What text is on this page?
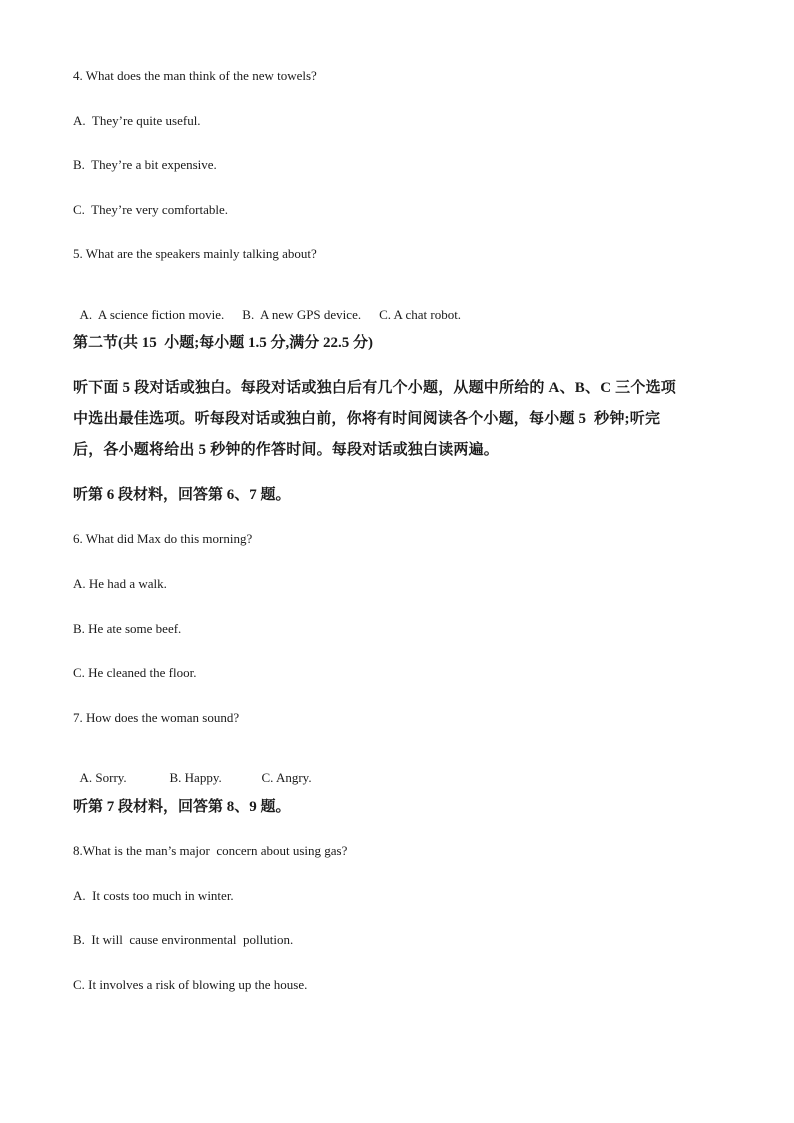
4. What does the man think of the new towels?
A.  They’re quite useful.
B.  They’re a bit expensive.
C.  They’re very comfortable.
5. What are the speakers mainly talking about?

A.  A science fiction movie. B.  A new GPS device. C. A chat robot.

第二节(共 15  小题;每小题 1.5 分,满分 22.5 分)
听下面 5 段对话或独白。每段对话或独白后有几个小题，从题中所给的 A、B、C 三个选项
中选出最佳选项。听每段对话或独白前，你将有时间阅读各个小题，每小题 5  秒钟;听完
后，各小题将给出 5 秒钟的作答时间。每段对话或独白读两遍。
听第 6 段材料，回答第 6、7 题。
6. What did Max do this morning?
A. He had a walk.
B. He ate some beef.
C. He cleaned the floor.
7. How does the woman sound?

A. Sorry.	B. Happy.	C. Angry.

听第 7 段材料，回答第 8、9 题。
8.What is the man’s major  concern about using gas?
A.  It costs too much in winter.
B.  It will  cause environmental  pollution.
C. It involves a risk of blowing up the house.
